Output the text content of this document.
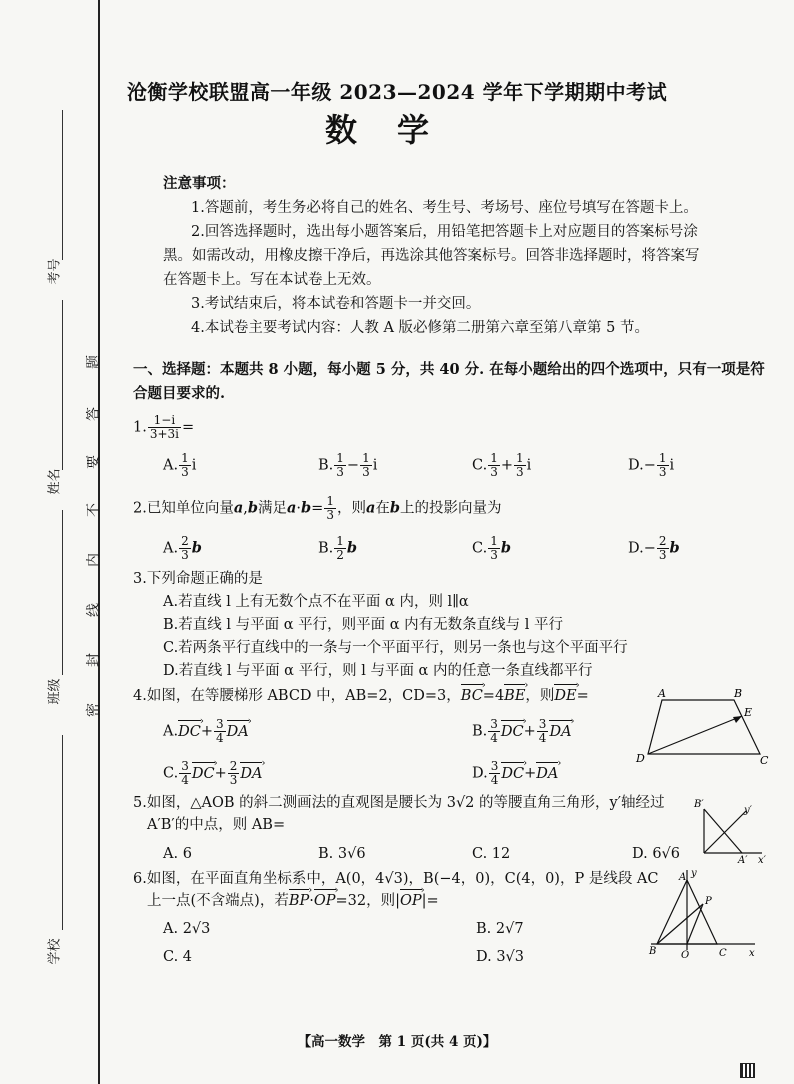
考号
姓名
班级
学校
题
答
要
不
内
线
封
密
沧衡学校联盟高一年级 2023—2024 学年下学期期中考试
数学
注意事项：
1.答题前，考生务必将自己的姓名、考生号、考场号、座位号填写在答题卡上。
2.回答选择题时，选出每小题答案后，用铅笔把答题卡上对应题目的答案标号涂黑。如需改动，用橡皮擦干净后，再选涂其他答案标号。回答非选择题时，将答案写在答题卡上。写在本试卷上无效。
3.考试结束后，将本试卷和答题卡一并交回。
4.本试卷主要考试内容：人教 A 版必修第二册第六章至第八章第 5 节。
一、选择题：本题共 8 小题，每小题 5 分，共 40 分. 在每小题给出的四个选项中，只有一项是符合题目要求的.
1. $\frac{1-i}{3+3i}$ =
A. $\frac{1}{3}$ i	B. $\frac{1}{3} - \frac{1}{3}$ i	C. $\frac{1}{3} + \frac{1}{3}$ i	$D.- \frac{1}{3}$ i
2.已知单位向量a,b满足$a\cdot b= \frac{1}{3}$ ，则a在b上的投影向量为
A. $\frac{2}{3}$ b	B. $\frac{1}{2}$ b	C. $\frac{1}{3}$ b	$D.- \frac{2}{3}$ b
3.下列命题正确的是
A.若直线 l 上有无数个点不在平面 α 内，则 l∥α
B.若直线 l 与平面 α 平行，则平面 α 内有无数条直线与 l 平行
C.若两条平行直线中的一条与一个平面平行，则另一条也与这个平面平行
D.若直线 l 与平面 α 平行，则 l 与平面 α 内的任意一条直线都平行
4.如图，在等腰梯形 ABCD 中，AB=2，CD=3，BC ›=4BE ›，则DE ›=
A.DC ›+ $\frac{3}{4}$ DA ›	B. $\frac{3}{4}$ DC ›+ $\frac{3}{4}$ DA ›
C. $\frac{3}{4}$ DC ›+ $\frac{2}{3}$ DA ›	D. $\frac{3}{4}$ DC ›+DA ›
A	B
E
D	C
5.如图，△AOB 的斜二测画法的直观图是腰长为 3√2 的等腰直角三角形，y′轴经过
A′B′的中点，则 AB=
A. 6	B. 3√6	C. 12	D. 6√6
B′
y′
A′ x′
6.如图，在平面直角坐标系中，A(0，4√3)，B(−4，0)，C(4，0)，P 是线段 AC
上一点(不含端点)，若BP ›·OP ›=32，则|OP ›|=
A. 2√3	B. 2√7
C. 4	D. 3√3
A y
P
B O	C x
【高一数学　第 1 页(共 4 页)】
